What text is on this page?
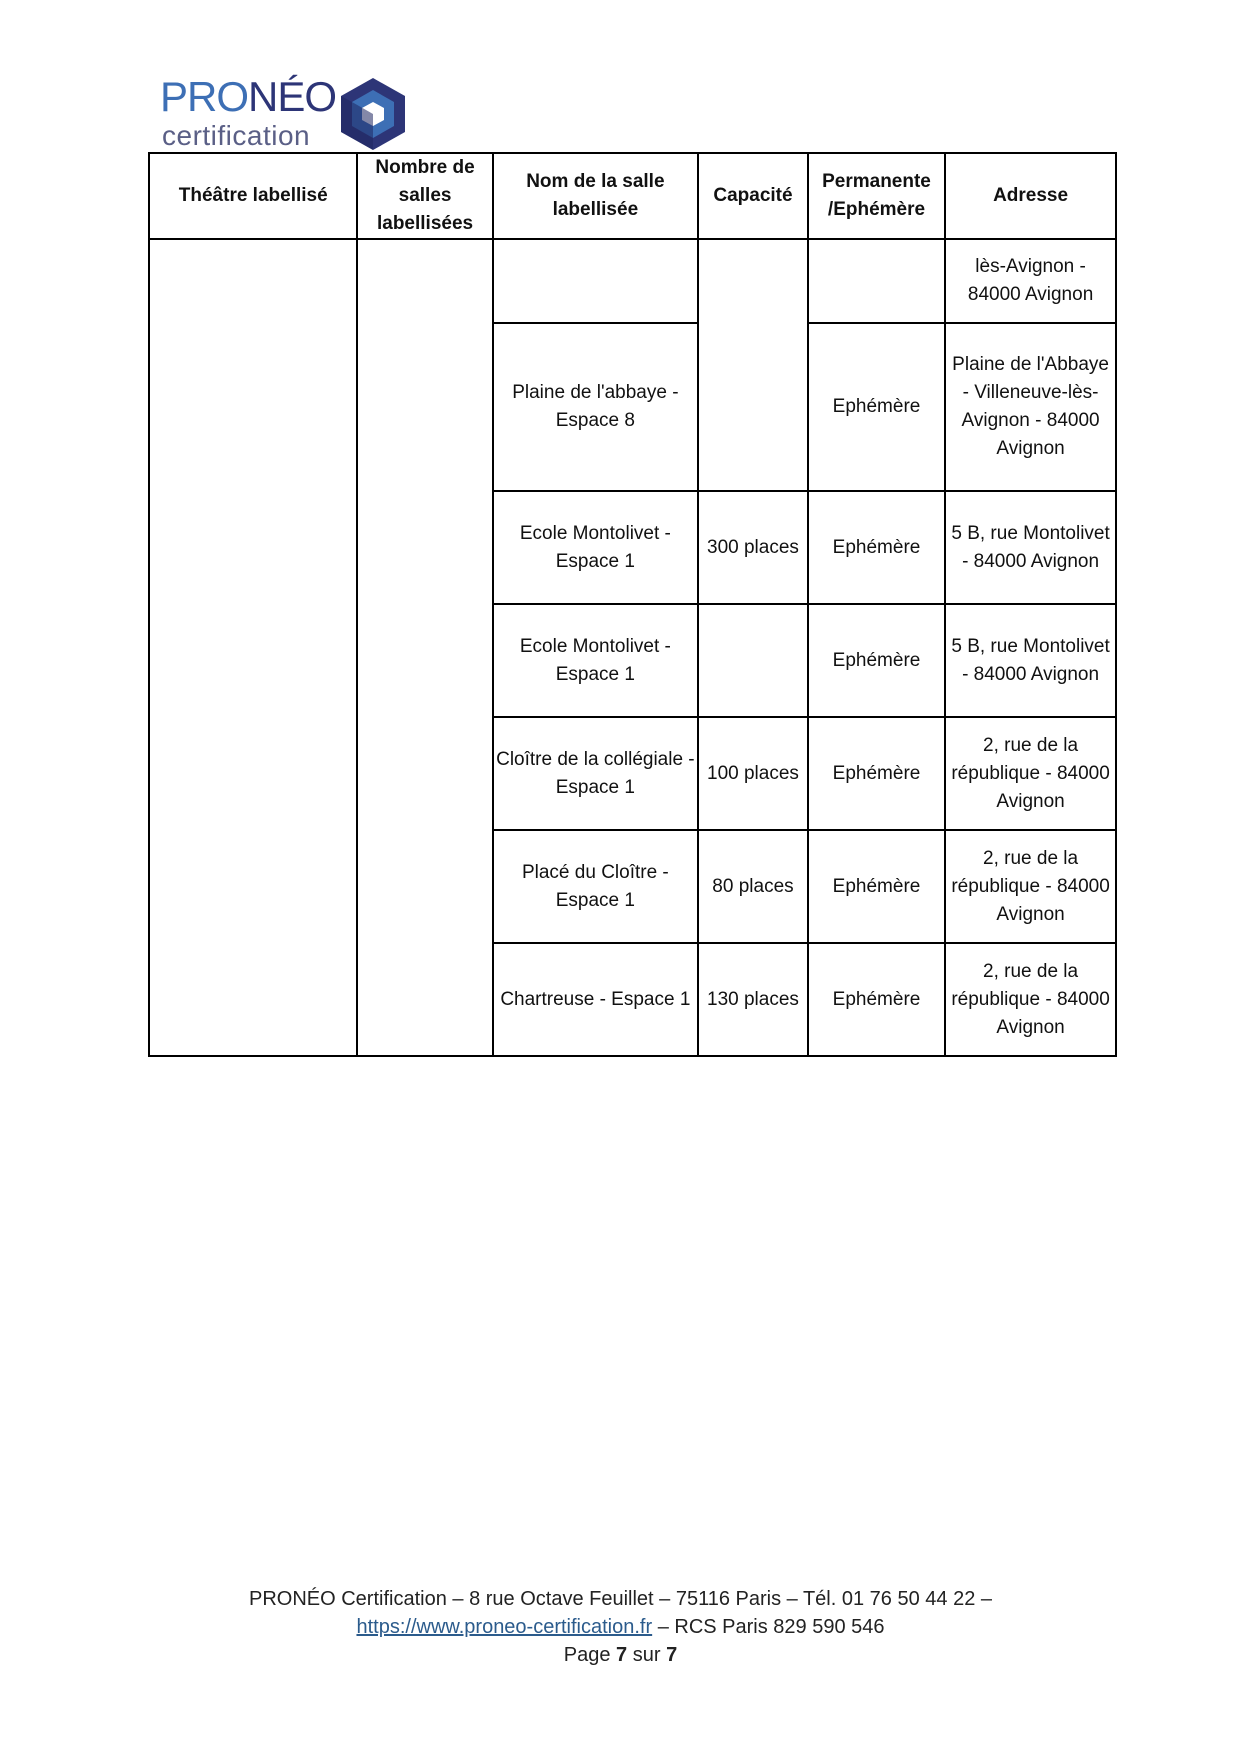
PRONÉO
certification
Théâtre labellisé	Nombre de salles labellisées	Nom de la salle labellisée	Capacité	Permanente /Ephémère	Adresse
					lès-Avignon - 84000 Avignon
		Plaine de l'abbaye - Espace 8		Ephémère	Plaine de l'Abbaye - Villeneuve-lès-Avignon - 84000 Avignon
		Ecole Montolivet - Espace 1	300 places	Ephémère	5 B, rue Montolivet - 84000 Avignon
		Ecole Montolivet - Espace 1		Ephémère	5 B, rue Montolivet - 84000 Avignon
		Cloître de la collégiale - Espace 1	100 places	Ephémère	2, rue de la république - 84000 Avignon
		Placé du Cloître - Espace 1	80 places	Ephémère	2, rue de la république - 84000 Avignon
		Chartreuse - Espace 1	130 places	Ephémère	2, rue de la république - 84000 Avignon
PRONÉO Certification – 8 rue Octave Feuillet – 75116 Paris – Tél. 01 76 50 44 22 –
https://www.proneo-certification.fr – RCS Paris 829 590 546
Page 7 sur 7
